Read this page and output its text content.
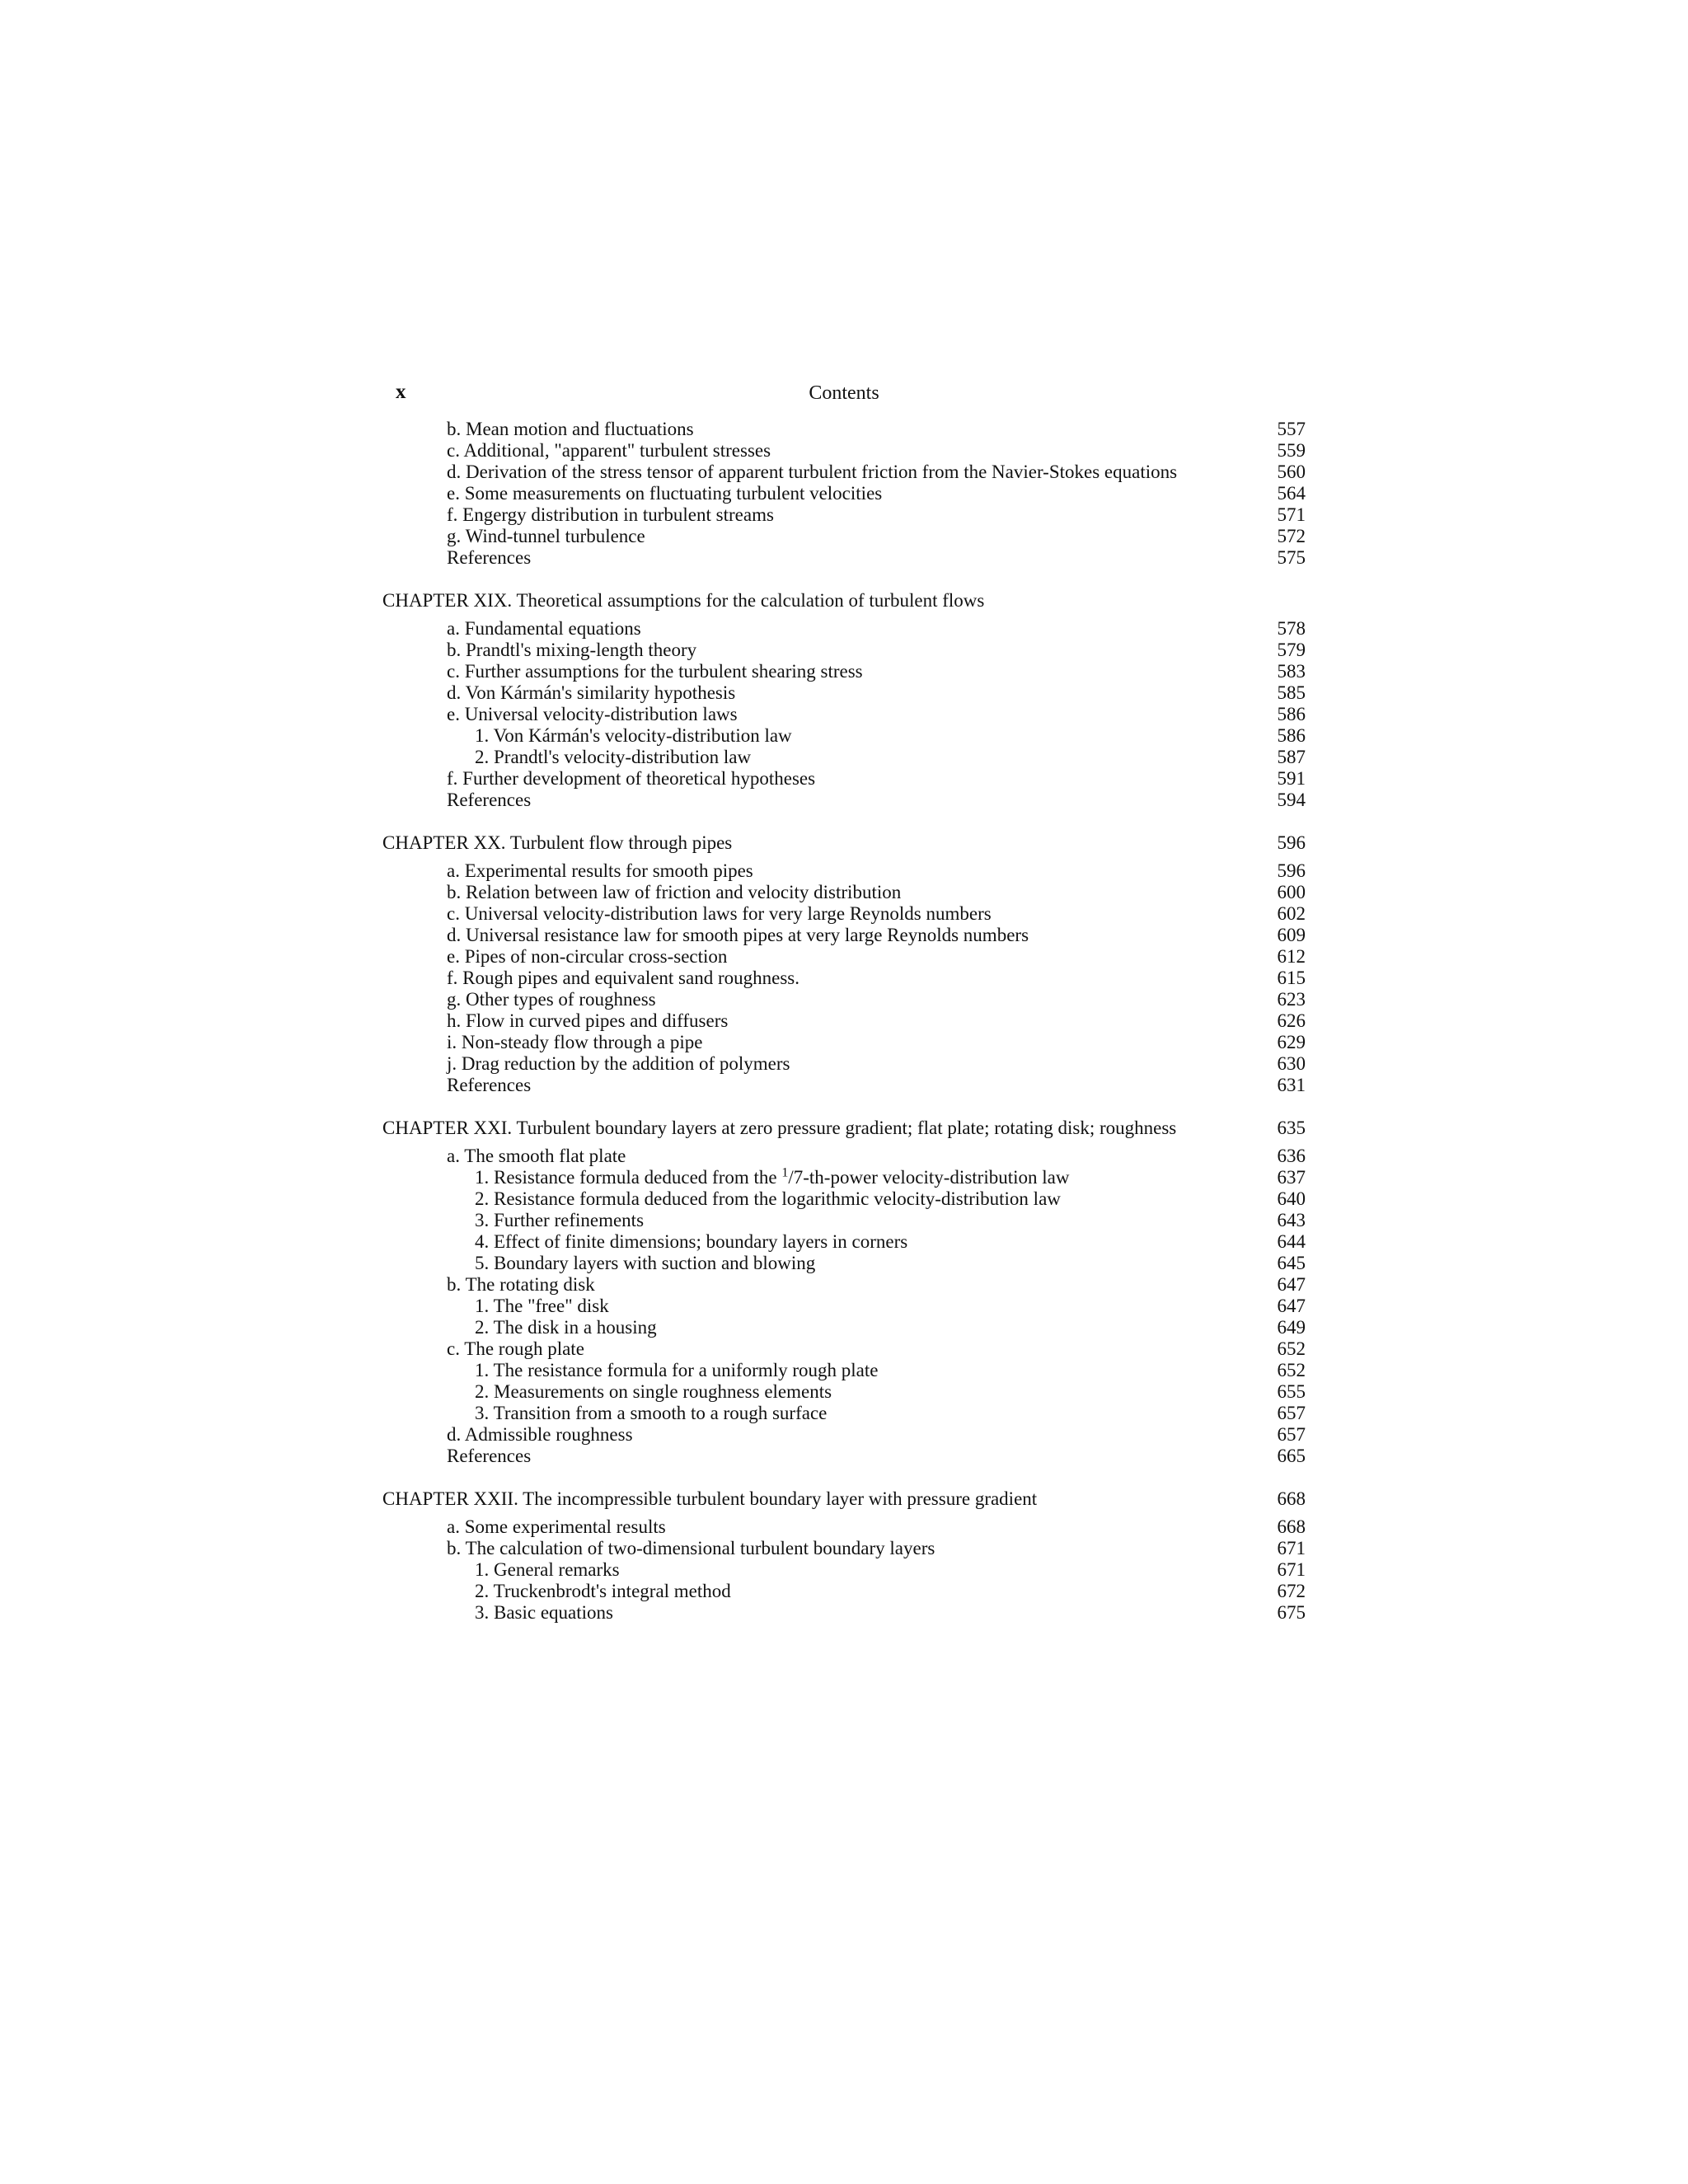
x	Contents
b. Mean motion and fluctuations	557
c. Additional, "apparent" turbulent stresses	559
d. Derivation of the stress tensor of apparent turbulent friction from the Navier-Stokes equations	560
e. Some measurements on fluctuating turbulent velocities	564
f. Engergy distribution in turbulent streams	571
g. Wind-tunnel turbulence	572
References	575
CHAPTER XIX. Theoretical assumptions for the calculation of turbulent flows
a. Fundamental equations	578
b. Prandtl's mixing-length theory	579
c. Further assumptions for the turbulent shearing stress	583
d. Von Kármán's similarity hypothesis	585
e. Universal velocity-distribution laws	586
1. Von Kármán's velocity-distribution law	586
2. Prandtl's velocity-distribution law	587
f. Further development of theoretical hypotheses	591
References	594
CHAPTER XX. Turbulent flow through pipes	596
a. Experimental results for smooth pipes	596
b. Relation between law of friction and velocity distribution	600
c. Universal velocity-distribution laws for very large Reynolds numbers	602
d. Universal resistance law for smooth pipes at very large Reynolds numbers	609
e. Pipes of non-circular cross-section	612
f. Rough pipes and equivalent sand roughness.	615
g. Other types of roughness	623
h. Flow in curved pipes and diffusers	626
i. Non-steady flow through a pipe	629
j. Drag reduction by the addition of polymers	630
References	631
CHAPTER XXI. Turbulent boundary layers at zero pressure gradient; flat plate; rotating disk; roughness	635
a. The smooth flat plate	636
1. Resistance formula deduced from the $^1$/7-th-power velocity-distribution law	637
2. Resistance formula deduced from the logarithmic velocity-distribution law	640
3. Further refinements	643
4. Effect of finite dimensions; boundary layers in corners	644
5. Boundary layers with suction and blowing	645
b. The rotating disk	647
1. The "free" disk	647
2. The disk in a housing	649
c. The rough plate	652
1. The resistance formula for a uniformly rough plate	652
2. Measurements on single roughness elements	655
3. Transition from a smooth to a rough surface	657
d. Admissible roughness	657
References	665
CHAPTER XXII. The incompressible turbulent boundary layer with pressure gradient	668
a. Some experimental results	668
b. The calculation of two-dimensional turbulent boundary layers	671
1. General remarks	671
2. Truckenbrodt's integral method	672
3. Basic equations	675
